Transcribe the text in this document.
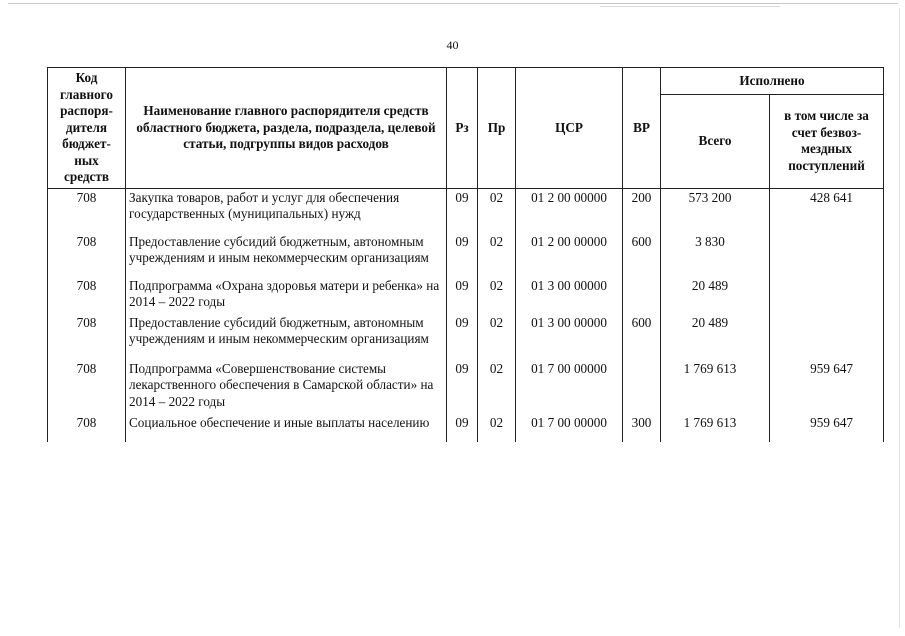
40
Код главного распоря-дителя бюджет-ных средств	Наименование главного распорядителя средств областного бюджета, раздела, подраздела, целевой статьи, подгруппы видов расходов	Рз	Пр	ЦСР	ВР	Исполнено	
						Всего	в том числе за счет безвоз-мездных поступлений
708	Закупка товаров, работ и услуг для обеспечения государственных (муниципальных) нужд	09	02	01 2 00 00000	200	573 200	428 641
708	Предоставление субсидий бюджетным, автономным учреждениям и иным некоммерческим организациям	09	02	01 2 00 00000	600	3 830	
708	Подпрограмма «Охрана здоровья матери и ребенка» на 2014 – 2022 годы	09	02	01 3 00 00000		20 489	
708	Предоставление субсидий бюджетным, автономным учреждениям и иным некоммерческим организациям	09	02	01 3 00 00000	600	20 489	
708	Подпрограмма «Совершенствование системы лекарственного обеспечения в Самарской области» на 2014 – 2022 годы	09	02	01 7 00 00000		1 769 613	959 647
708	Социальное обеспечение и иные выплаты населению	09	02	01 7 00 00000	300	1 769 613	959 647
